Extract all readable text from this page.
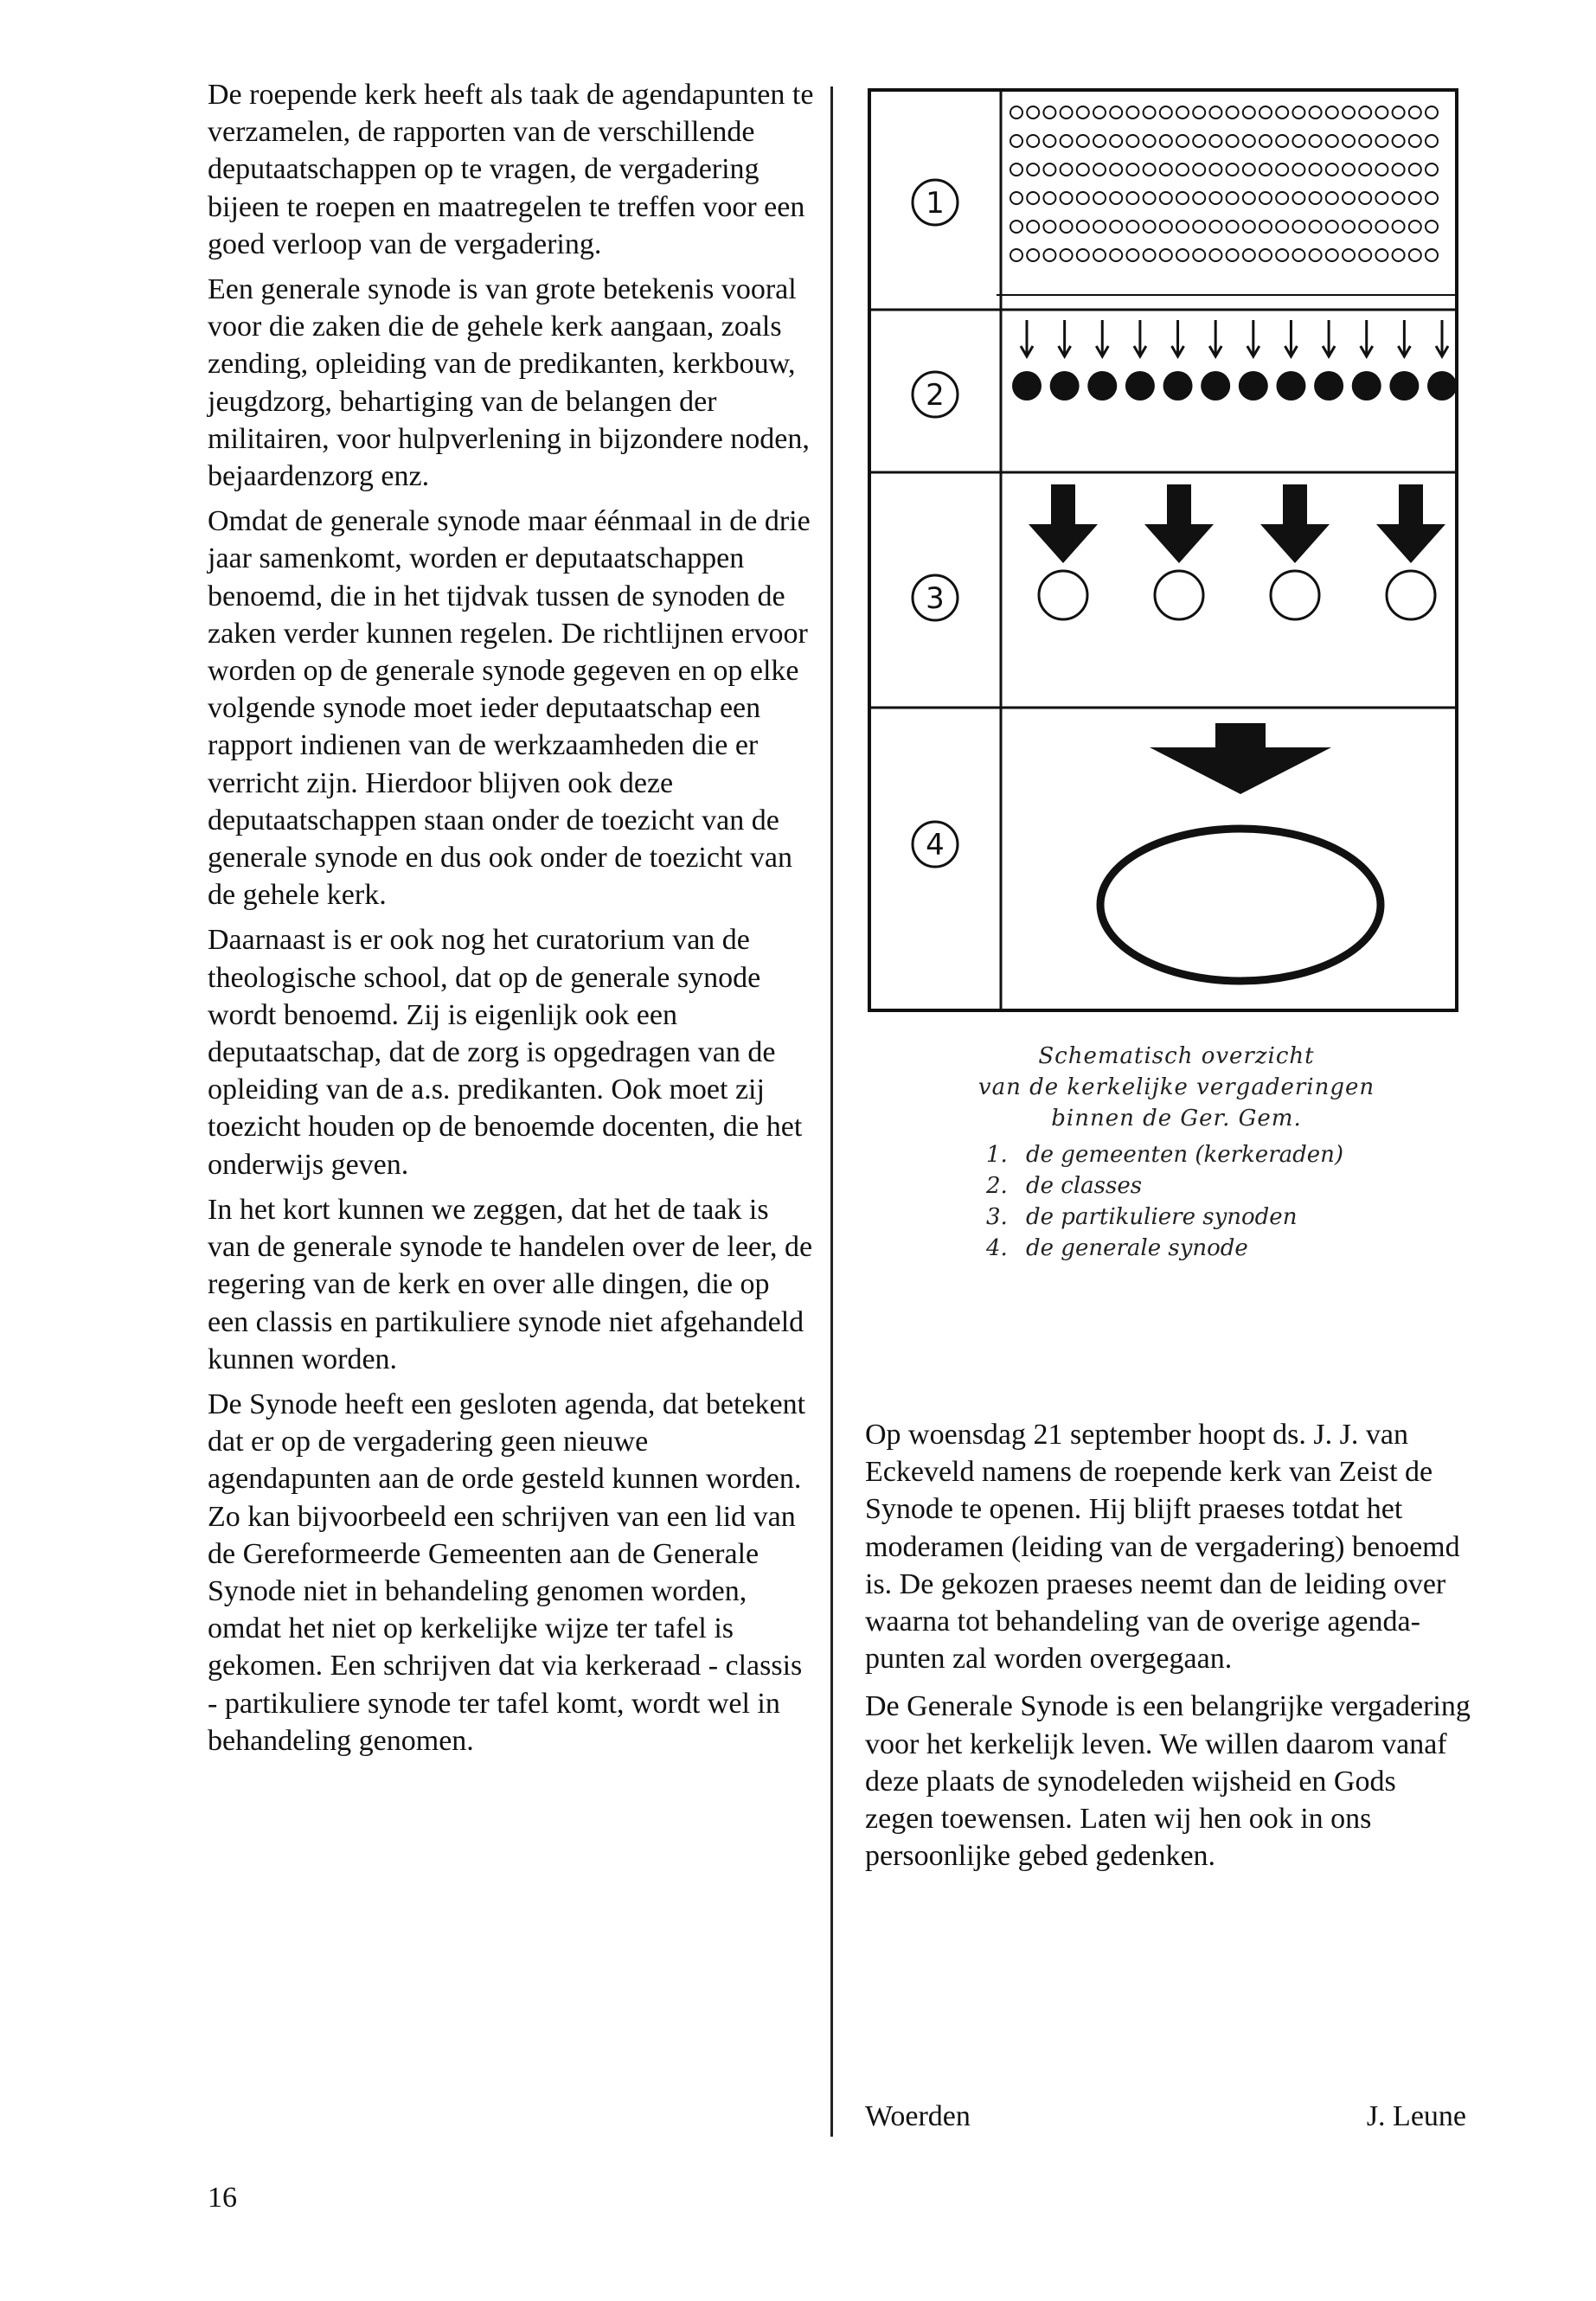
De roepende kerk heeft als taak de agendapunten te verzamelen, de rapporten van de verschillende deputaatschappen op te vragen, de vergadering bijeen te roepen en maatregelen te treffen voor een goed verloop van de vergadering.

Een generale synode is van grote betekenis vooral voor die zaken die de gehele kerk aangaan, zoals zending, opleiding van de predikanten, kerkbouw, jeugdzorg, behartiging van de belangen der militairen, voor hulpverlening in bijzondere noden, bejaardenzorg enz.

Omdat de generale synode maar éénmaal in de drie jaar samenkomt, worden er deputaatschappen benoemd, die in het tijdvak tussen de synoden de zaken verder kunnen regelen. De richtlijnen ervoor worden op de generale synode gegeven en op elke volgende synode moet ieder deputaatschap een rapport indienen van de werkzaamheden die er verricht zijn. Hierdoor blijven ook deze deputaatschappen staan onder de toezicht van de generale synode en dus ook onder de toezicht van de gehele kerk.

Daarnaast is er ook nog het curatorium van de theologische school, dat op de generale synode wordt benoemd. Zij is eigenlijk ook een deputaatschap, dat de zorg is opgedragen van de opleiding van de a.s. predikanten. Ook moet zij toezicht houden op de benoemde docenten, die het onderwijs geven.

In het kort kunnen we zeggen, dat het de taak is van de generale synode te handelen over de leer, de regering van de kerk en over alle dingen, die op een classis en partikuliere synode niet afgehandeld kunnen worden.

De Synode heeft een gesloten agenda, dat betekent dat er op de vergadering geen nieuwe agendapunten aan de orde gesteld kunnen worden. Zo kan bijvoorbeeld een schrijven van een lid van de Gereformeerde Gemeenten aan de Generale Synode niet in behandeling genomen worden, omdat het niet op kerkelijke wijze ter tafel is gekomen. Een schrijven dat via kerkeraad - classis - partikuliere synode ter tafel komt, wordt wel in behandeling genomen.

1
2
3
4
Schematisch overzicht
van de kerkelijke vergaderingen
binnen de Ger. Gem.
1. de gemeenten (kerkeraden)
2. de classes
3. de partikuliere synoden
4. de generale synode

Op woensdag 21 september hoopt ds. J. J. van Eckeveld namens de roepende kerk van Zeist de Synode te openen. Hij blijft praeses totdat het moderamen (leiding van de vergadering) benoemd is. De gekozen praeses neemt dan de leiding over waarna tot behandeling van de overige agenda-punten zal worden overgegaan.

De Generale Synode is een belangrijke vergadering voor het kerkelijk leven. We willen daarom vanaf deze plaats de synodeleden wijsheid en Gods zegen toewensen. Laten wij hen ook in ons persoonlijke gebed gedenken.

Woerden	J. Leune
16
